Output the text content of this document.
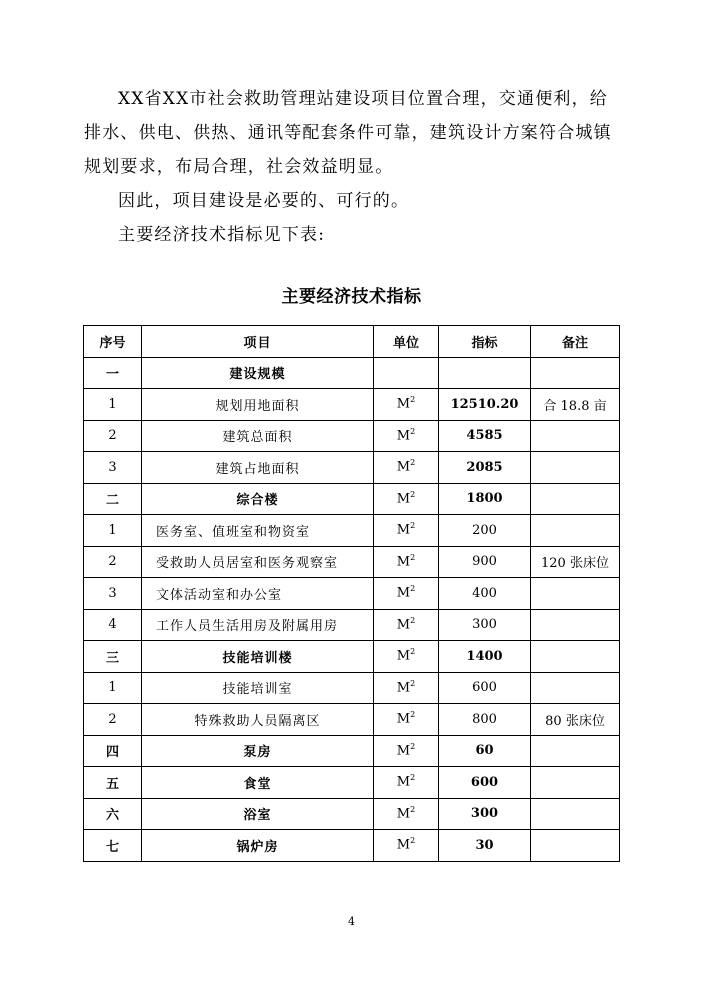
XX省XX市社会救助管理站建设项目位置合理，交通便利，给排水、供电、供热、通讯等配套条件可靠，建筑设计方案符合城镇规划要求，布局合理，社会效益明显。
因此，项目建设是必要的、可行的。
主要经济技术指标见下表:
主要经济技术指标
序号	项目	单位	指标	备注
一	建设规模			
1	规划用地面积	$M^2$	12510.20	合 18.8 亩
2	建筑总面积	$M^2$	4585	
3	建筑占地面积	$M^2$	2085	
二	综合楼	$M^2$	1800	
1	医务室、值班室和物资室	$M^2$	200	
2	受救助人员居室和医务观察室	$M^2$	900	120 张床位
3	文体活动室和办公室	$M^2$	400	
4	工作人员生活用房及附属用房	$M^2$	300	
三	技能培训楼	$M^2$	1400	
1	技能培训室	$M^2$	600	
2	特殊救助人员隔离区	$M^2$	800	80 张床位
四	泵房	$M^2$	60	
五	食堂	$M^2$	600	
六	浴室	$M^2$	300	
七	锅炉房	$M^2$	30	
4
